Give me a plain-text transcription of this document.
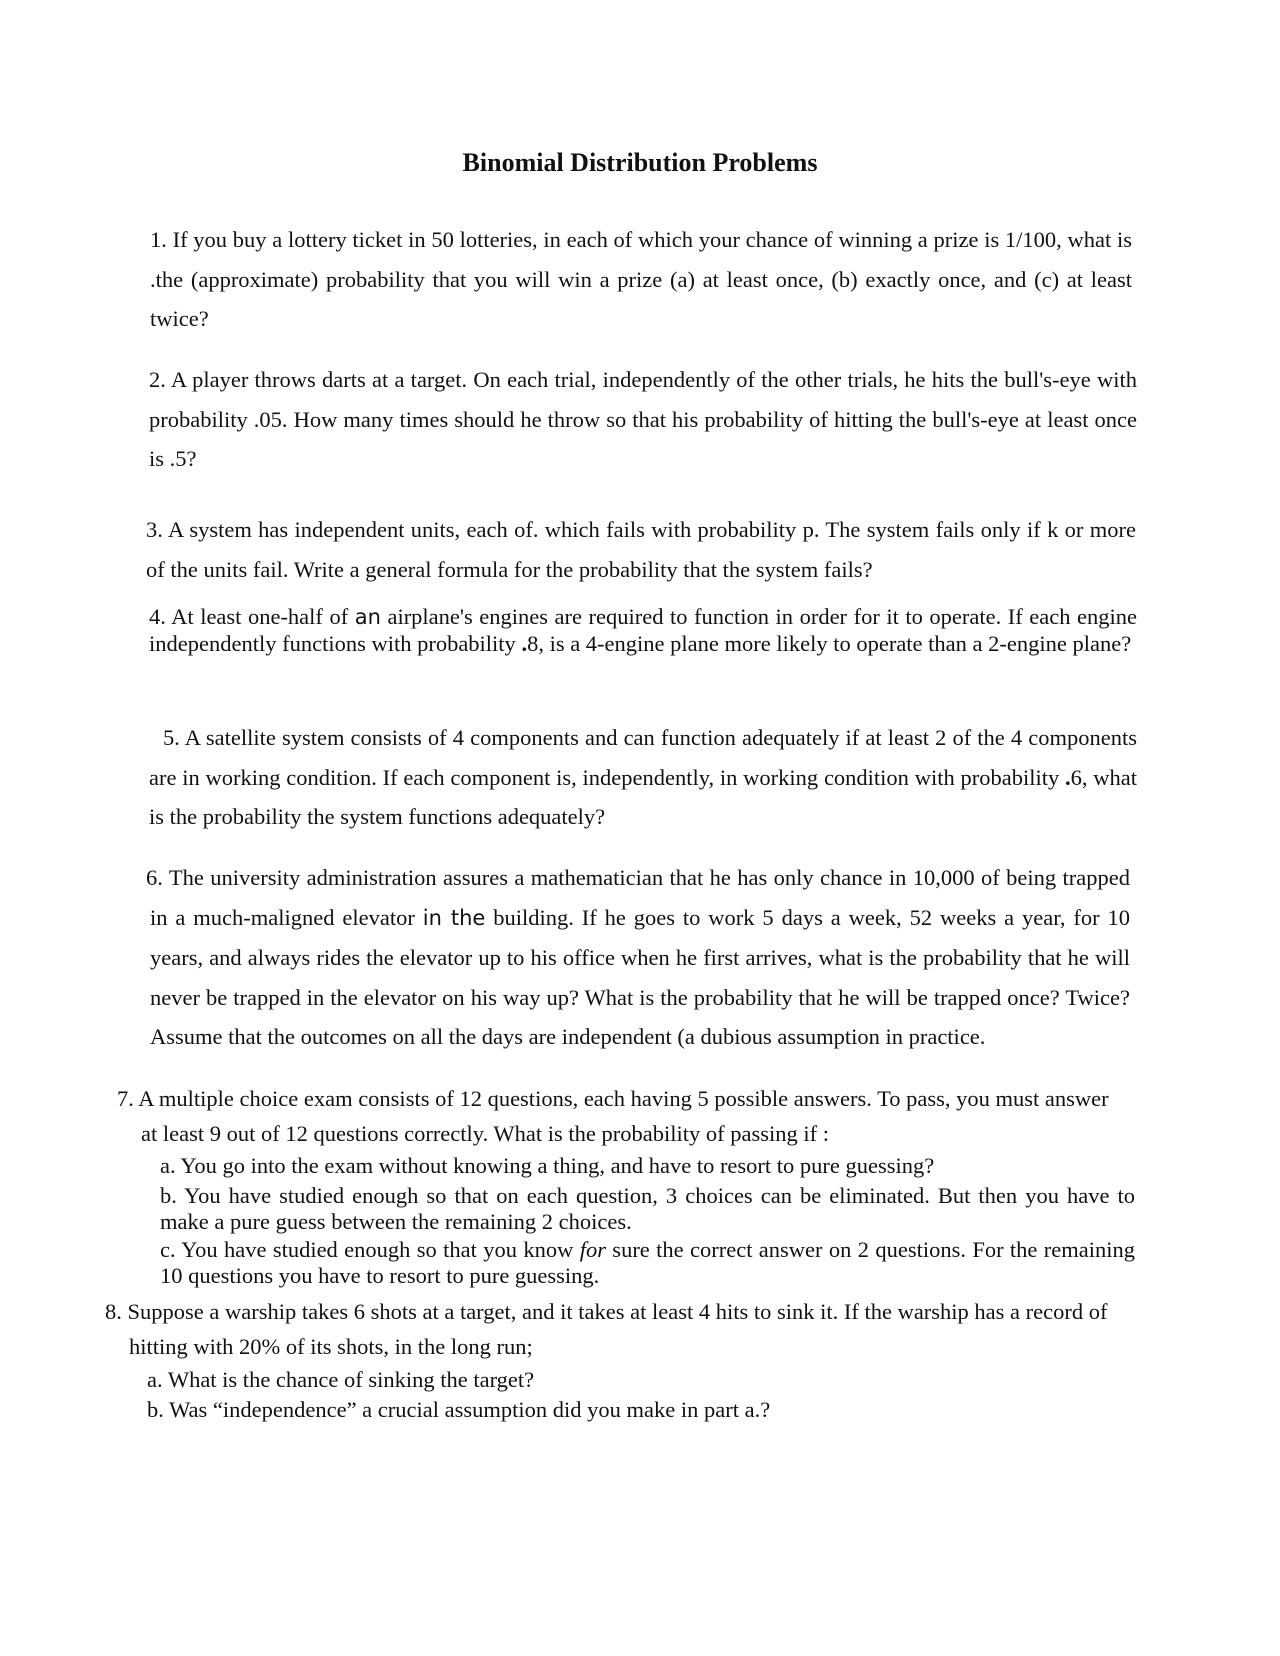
Binomial Distribution Problems

1. If you buy a lottery ticket in 50 lotteries, in each of which your chance of winning a prize is 1/100, what is .the (approximate) probability that you will win a prize (a) at least once, (b) exactly once, and (c) at least twice?

2. A player throws darts at a target. On each trial, independently of the other trials, he hits the bull's-eye with probability .05. How many times should he throw so that his probability of hitting the bull's-eye at least once is .5?

3. A system has independent units, each of. which fails with probability p. The system fails only if k or more of the units fail. Write a general formula for the probability that the system fails?

4. At least one-half of an airplane's engines are required to function in order for it to operate. If each engine independently functions with probability .8, is a 4-engine plane more likely to operate than a 2-engine plane?

5. A satellite system consists of 4 components and can function adequately if at least 2 of the 4 components are in working condition. If each component is, independently, in working condition with probability .6, what is the probability the system functions adequately?

6. The university administration assures a mathematician that he has only chance in 10,000 of being trapped in a much-maligned elevator in the building. If he goes to work 5 days a week, 52 weeks a year, for 10 years, and always rides the elevator up to his office when he first arrives, what is the probability that he will never be trapped in the elevator on his way up? What is the probability that he will be trapped once? Twice? Assume that the outcomes on all the days are independent (a dubious assumption in practice.

7. A multiple choice exam consists of 12 questions, each having 5 possible answers. To pass, you must answer at least 9 out of 12 questions correctly. What is the probability of passing if :

a. You go into the exam without knowing a thing, and have to resort to pure guessing?

b. You have studied enough so that on each question, 3 choices can be eliminated. But then you have to make a pure guess between the remaining 2 choices.

c. You have studied enough so that you know for sure the correct answer on 2 questions. For the remaining 10 questions you have to resort to pure guessing.

8. Suppose a warship takes 6 shots at a target, and it takes at least 4 hits to sink it. If the warship has a record of hitting with 20% of its shots, in the long run;

a. What is the chance of sinking the target?

b. Was “independence” a crucial assumption did you make in part a.?
